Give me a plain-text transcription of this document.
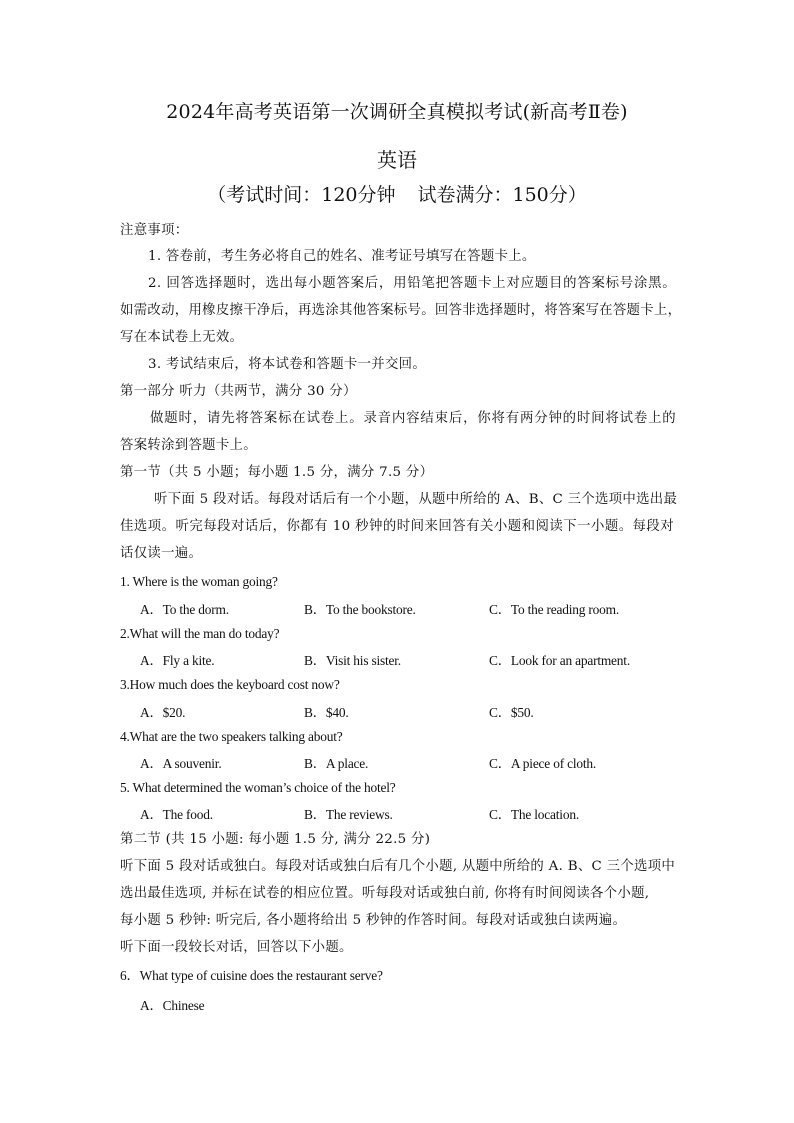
2024年高考英语第一次调研全真模拟考试(新高考Ⅱ卷)
英语
（考试时间：120分钟 试卷满分：150分）
注意事项：
1. 答卷前，考生务必将自己的姓名、准考证号填写在答题卡上。
2. 回答选择题时，选出每小题答案后，用铅笔把答题卡上对应题目的答案标号涂黑。
如需改动，用橡皮擦干净后，再选涂其他答案标号。回答非选择题时，将答案写在答题卡上，
写在本试卷上无效。
3. 考试结束后，将本试卷和答题卡一并交回。
第一部分 听力（共两节，满分 30 分）
做题时，请先将答案标在试卷上。录音内容结束后，你将有两分钟的时间将试卷上的
答案转涂到答题卡上。
第一节（共 5 小题；每小题 1.5 分，满分 7.5 分）
听下面 5 段对话。每段对话后有一个小题，从题中所给的 A、B、C 三个选项中选出最
佳选项。听完每段对话后，你都有 10 秒钟的时间来回答有关小题和阅读下一小题。每段对
话仅读一遍。
1. Where is the woman going?
A．To the dorm.	B．To the bookstore.	C．To the reading room.
2.What will the man do today?
A．Fly a kite.	B．Visit his sister.	C．Look for an apartment.
3.How much does the keyboard cost now?
A．$20.	B．$40.	C．$50.
4.What are the two speakers talking about?
A．A souvenir.	B．A place.	C．A piece of cloth.
5. What determined the woman’s choice of the hotel?
A．The food.	B．The reviews.	C．The location.
第二节 (共 15 小题: 每小题 1.5 分, 满分 22.5 分)
听下面 5 段对话或独白。每段对话或独白后有几个小题, 从题中所给的 A. B、C 三个选项中
选出最佳选项, 并标在试卷的相应位置。听每段对话或独白前, 你将有时间阅读各个小题,
每小题 5 秒钟: 听完后, 各小题将给出 5 秒钟的作答时间。每段对话或独白读两遍。
听下面一段较长对话，回答以下小题。
6．What type of cuisine does the restaurant serve?
A．Chinese
